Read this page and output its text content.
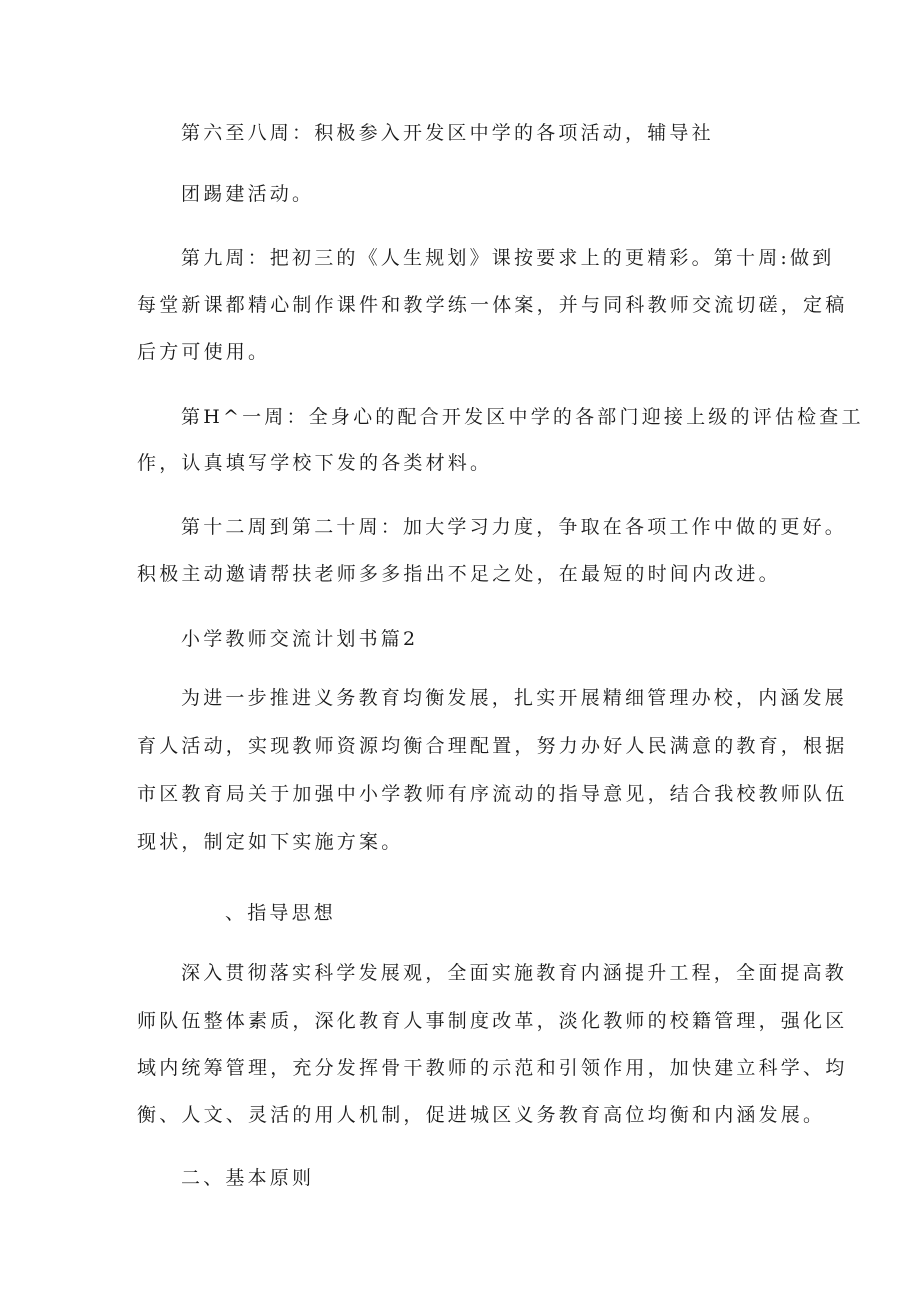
第六至八周：积极参入开发区中学的各项活动，辅导社
团踢建活动。
第九周：把初三的《人生规划》课按要求上的更精彩。第十周:做到
每堂新课都精心制作课件和教学练一体案，并与同科教师交流切磋，定稿
后方可使用。
第H^一周：全身心的配合开发区中学的各部门迎接上级的评估检查工
作，认真填写学校下发的各类材料。
第十二周到第二十周：加大学习力度，争取在各项工作中做的更好。
积极主动邀请帮扶老师多多指出不足之处，在最短的时间内改进。
小学教师交流计划书篇2
为进一步推进义务教育均衡发展，扎实开展精细管理办校，内涵发展
育人活动，实现教师资源均衡合理配置，努力办好人民满意的教育，根据
市区教育局关于加强中小学教师有序流动的指导意见，结合我校教师队伍
现状，制定如下实施方案。
、指导思想
深入贯彻落实科学发展观，全面实施教育内涵提升工程，全面提高教
师队伍整体素质，深化教育人事制度改革，淡化教师的校籍管理，强化区
域内统筹管理，充分发挥骨干教师的示范和引领作用，加快建立科学、均
衡、人文、灵活的用人机制，促进城区义务教育高位均衡和内涵发展。
二、基本原则
